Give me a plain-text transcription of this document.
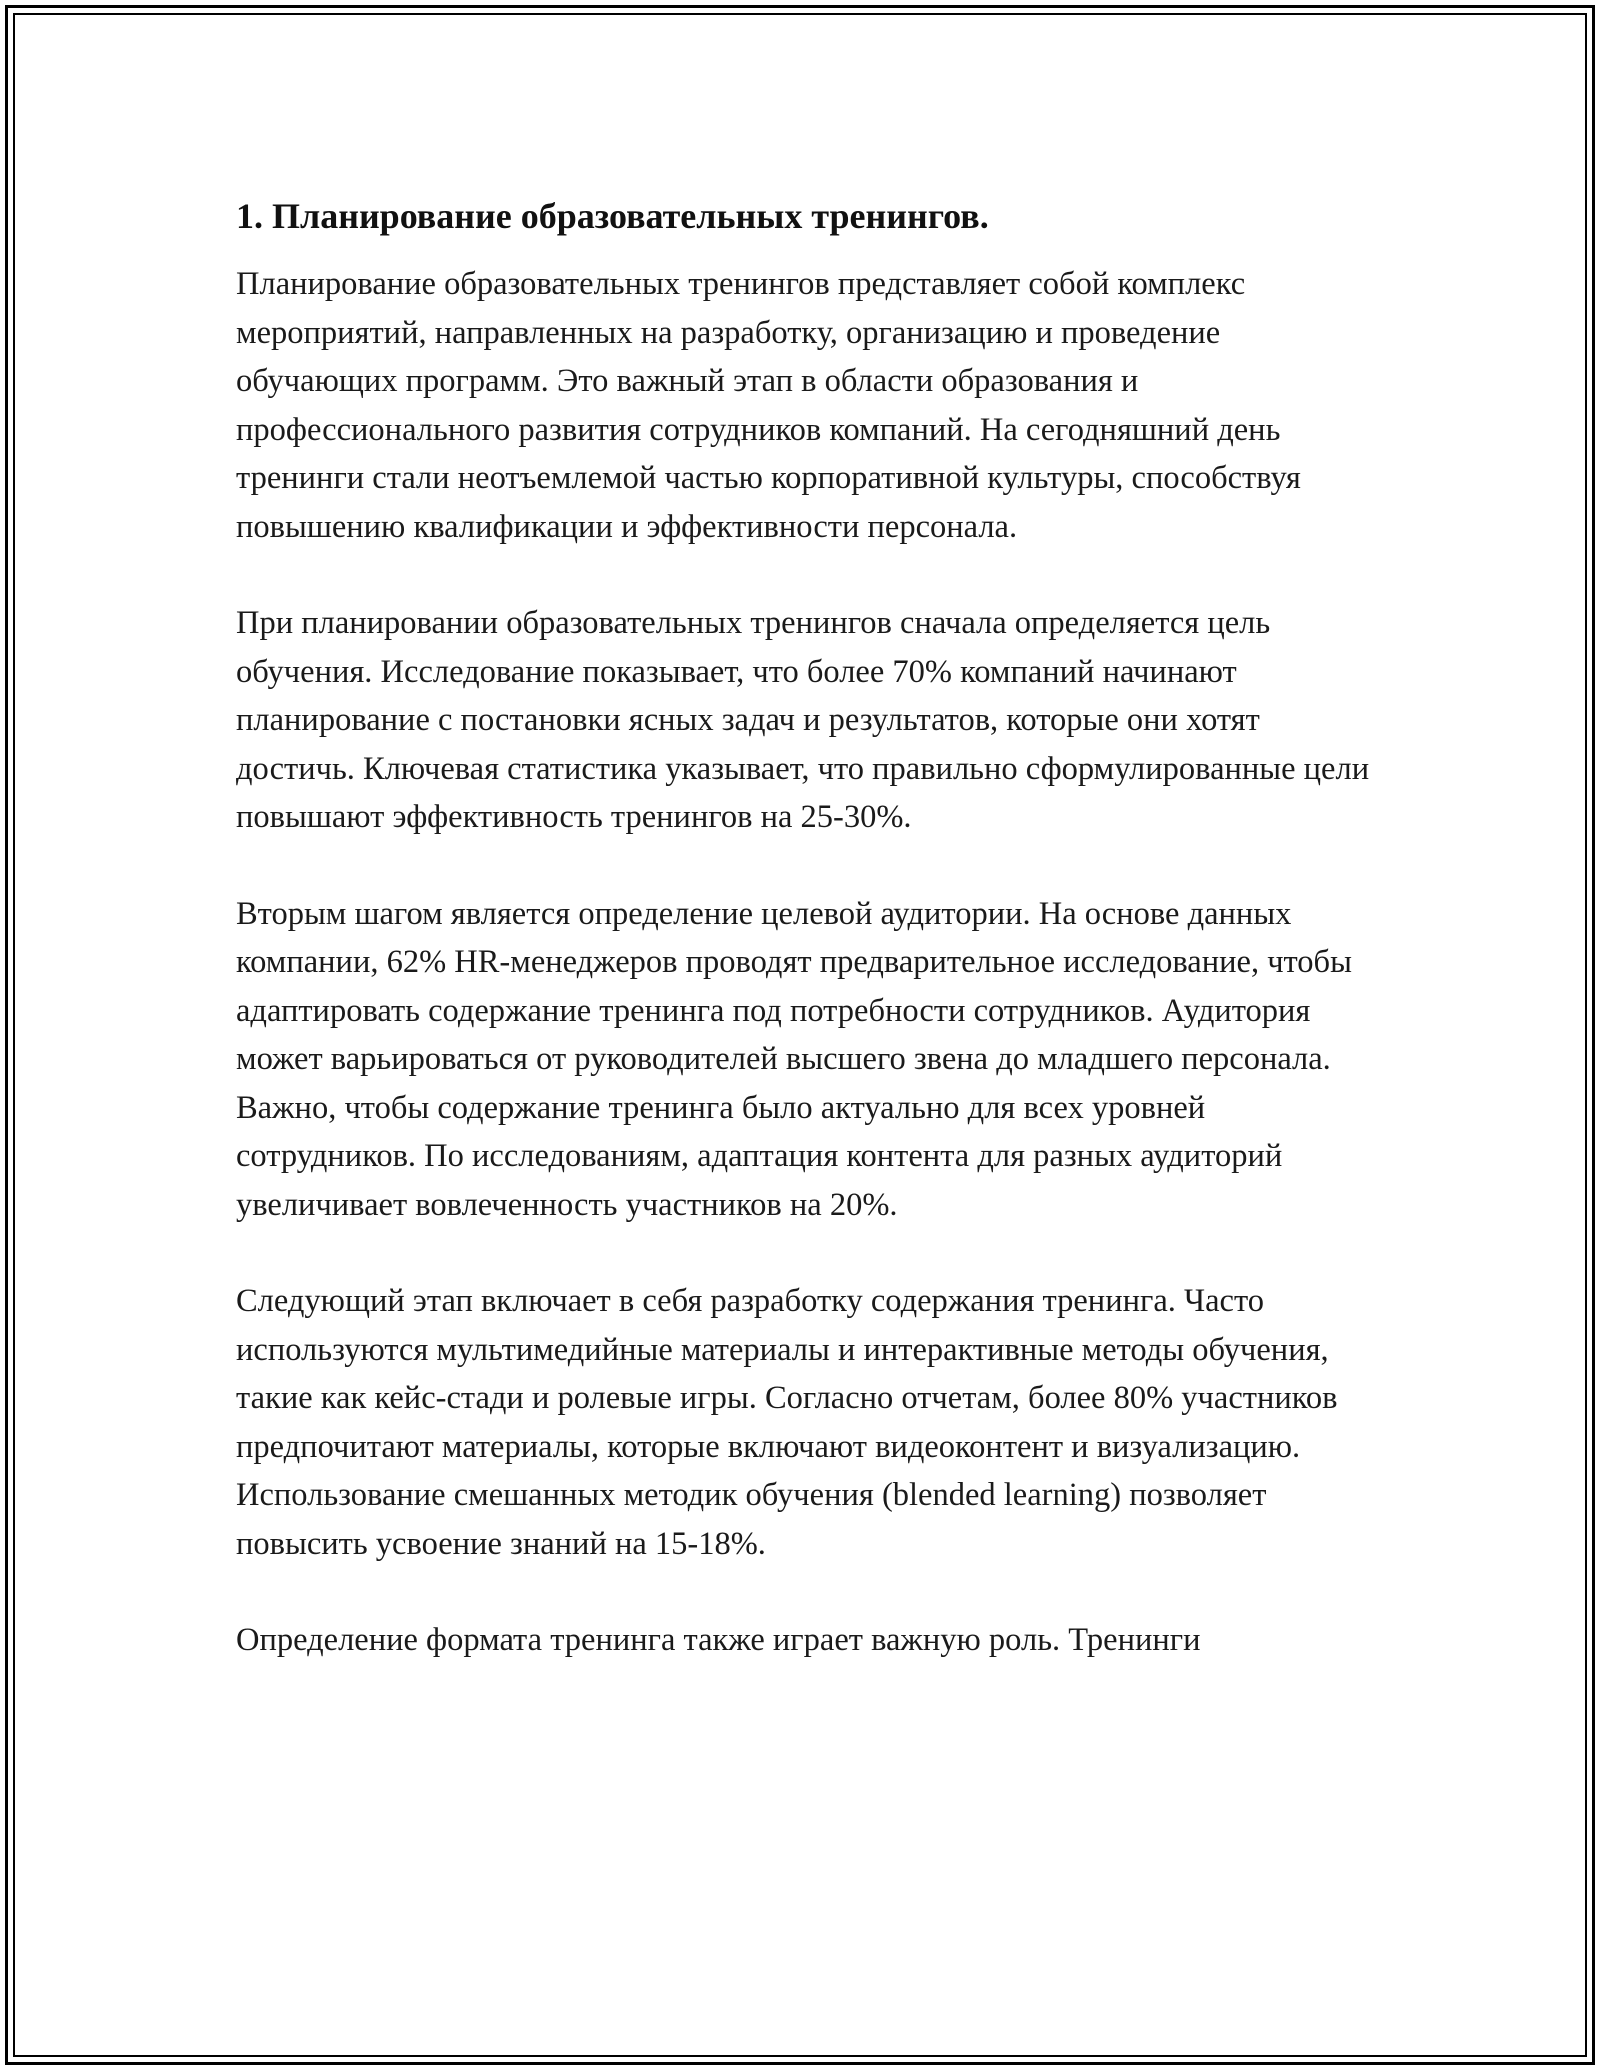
1. Планирование образовательных тренингов.

Планирование образовательных тренингов представляет собой комплекс мероприятий, направленных на разработку, организацию и проведение обучающих программ. Это важный этап в области образования и профессионального развития сотрудников компаний. На сегодняшний день тренинги стали неотъемлемой частью корпоративной культуры, способствуя повышению квалификации и эффективности персонала.

При планировании образовательных тренингов сначала определяется цель обучения. Исследование показывает, что более 70% компаний начинают планирование с постановки ясных задач и результатов, которые они хотят достичь. Ключевая статистика указывает, что правильно сформулированные цели повышают эффективность тренингов на 25-30%.

Вторым шагом является определение целевой аудитории. На основе данных компании, 62% HR-менеджеров проводят предварительное исследование, чтобы адаптировать содержание тренинга под потребности сотрудников. Аудитория может варьироваться от руководителей высшего звена до младшего персонала. Важно, чтобы содержание тренинга было актуально для всех уровней сотрудников. По исследованиям, адаптация контента для разных аудиторий увеличивает вовлеченность участников на 20%.

Следующий этап включает в себя разработку содержания тренинга. Часто используются мультимедийные материалы и интерактивные методы обучения, такие как кейс-стади и ролевые игры. Согласно отчетам, более 80% участников предпочитают материалы, которые включают видеоконтент и визуализацию. Использование смешанных методик обучения (blended learning) позволяет повысить усвоение знаний на 15-18%.

Определение формата тренинга также играет важную роль. Тренинги
